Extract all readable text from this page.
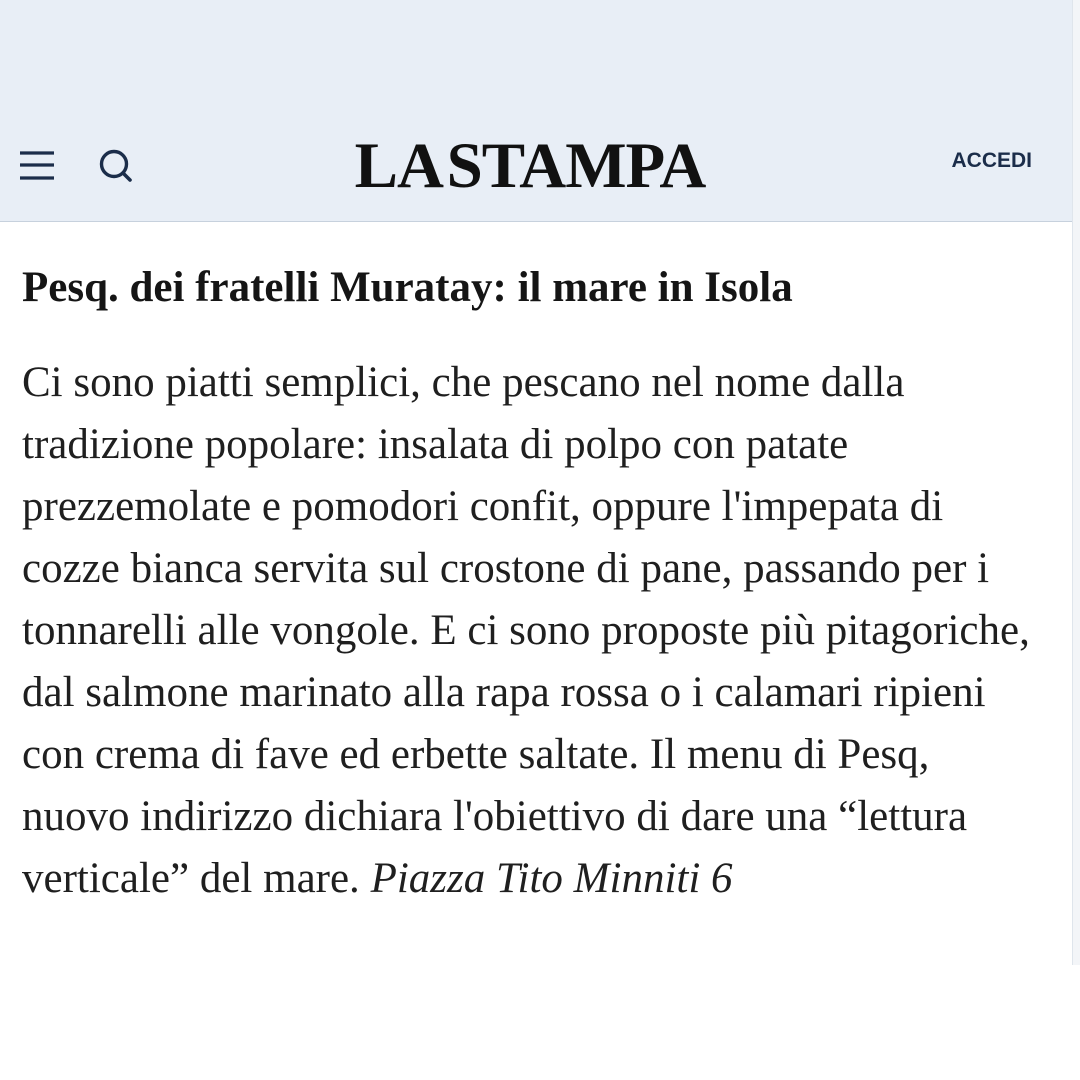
LA STAMPA	ACCEDI
Pesq. dei fratelli Muratay: il mare in Isola
Ci sono piatti semplici, che pescano nel nome dalla
tradizione popolare: insalata di polpo con patate
prezzemolate e pomodori confit, oppure l'impepata di
cozze bianca servita sul crostone di pane, passando per i
tonnarelli alle vongole. E ci sono proposte più pitagoriche,
dal salmone marinato alla rapa rossa o i calamari ripieni
con crema di fave ed erbette saltate. Il menu di Pesq,
nuovo indirizzo dichiara l'obiettivo di dare una “lettura
verticale” del mare. Piazza Tito Minniti 6
